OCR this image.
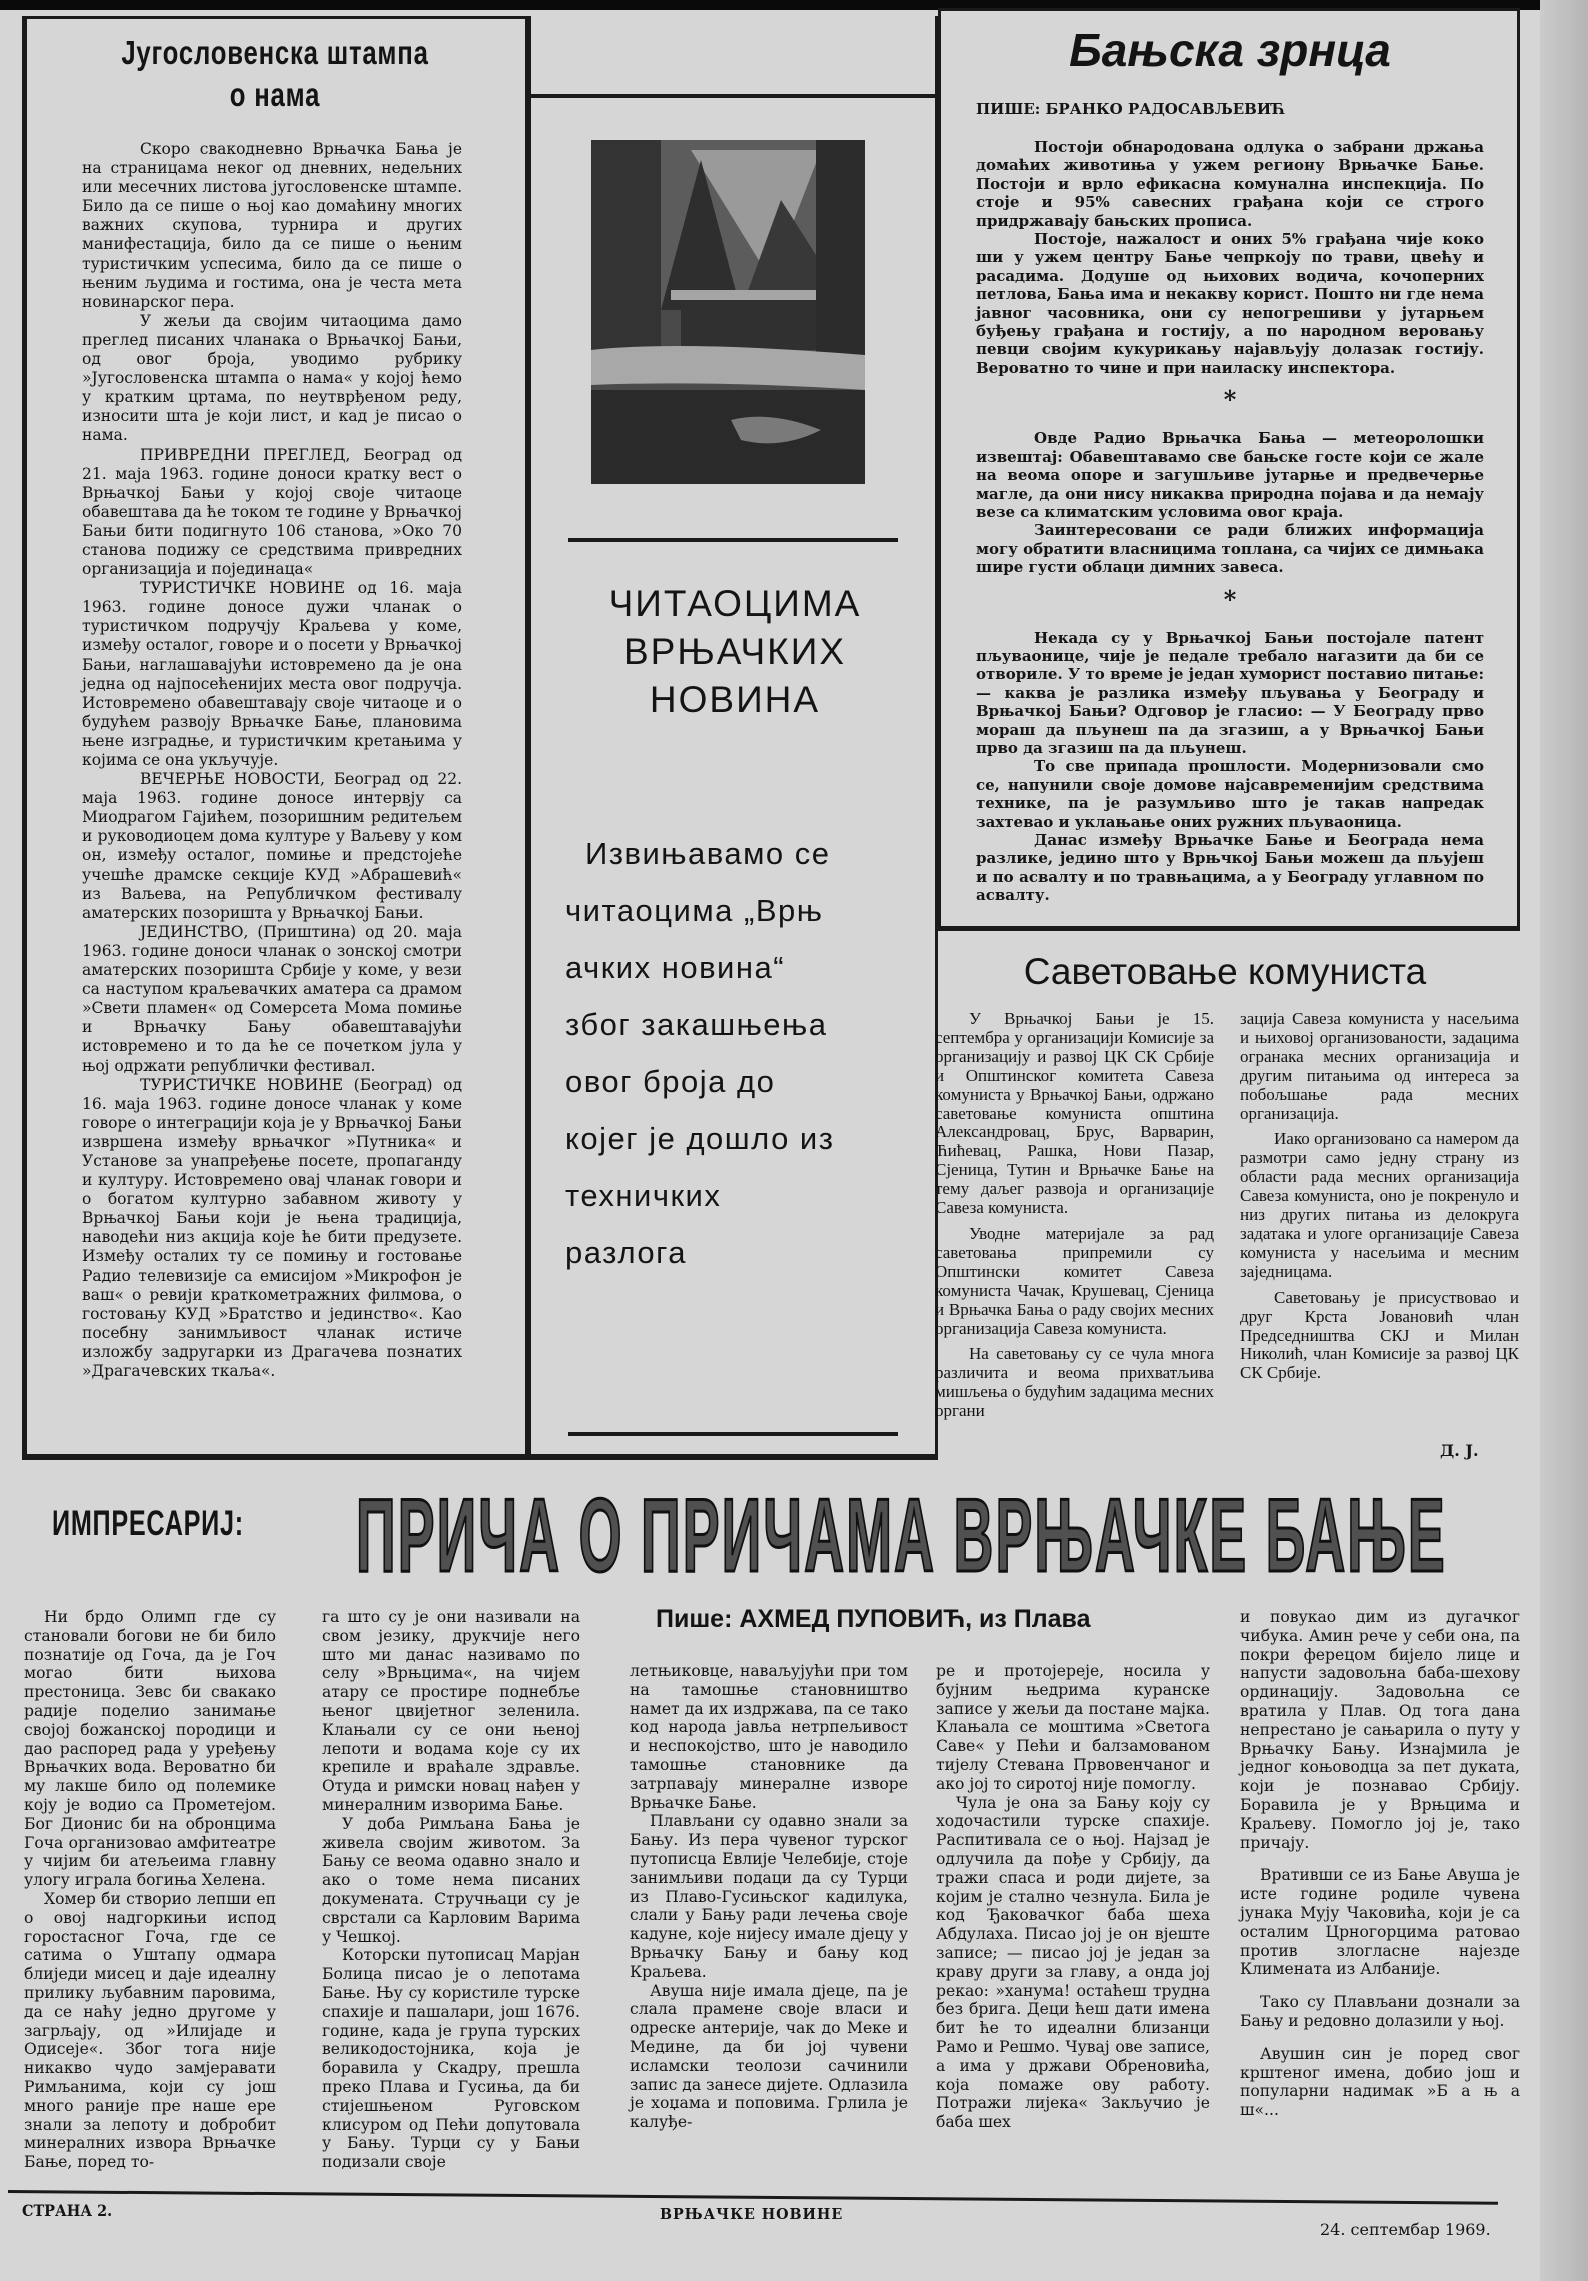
Југословенска штампа
о нама

Скоро свакодневно Врњачка Бања је на страницама неког од дневних, недељних или месечних листова југословенске штампе. Било да се пише о њој као домаћину многих важних скупова, турнира и других манифестација, било да се пише о њеним туристичким успесима, било да се пише о њеним људима и гостима, она је честа мета новинарског пера.

У жељи да својим читаоцима дамо преглед писаних чланака о Врњачкој Бањи, од овог броја, уводимо рубрику »Југословенска штампа о нама« у којој ћемо у кратким цртама, по неутврђеном реду, износити шта је који лист, и кад је писао о нама.

ПРИВРЕДНИ ПРЕГЛЕД, Београд од 21. маја 1963. године доноси кратку вест о Врњачкој Бањи у којој своје читаоце обавештава да ће током те године у Врњачкој Бањи бити подигнуто 106 станова, »Око 70 станова подижу се средствима привредних организација и појединаца«

ТУРИСТИЧКЕ НОВИНЕ од 16. маја 1963. године доносе дужи чланак о туристичком подручју Краљева у коме, између осталог, говоре и о посети у Врњачкој Бањи, наглашавајући истовремено да је она једна од најпосећенијих места овог подручја. Истовремено обавештавају своје читаоце и о будућем развоју Врњачке Бање, плановима њене изградње, и туристичким кретањима у којима се она укључује.

ВЕЧЕРЊЕ НОВОСТИ, Београд од 22. маја 1963. године доносе интервју са Миодрагом Гајићем, позоришним редитељем и руководиоцем дома културе у Ваљеву у ком он, између осталог, помиње и предстојеће учешће драмске секције КУД »Абрашевић« из Ваљева, на Републичком фестивалу аматерских позоришта у Врњачкој Бањи.

ЈЕДИНСТВО, (Приштина) од 20. маја 1963. године доноси чланак о зонској смотри аматерских позоришта Србије у коме, у вези са наступом краљевачких аматера са драмом »Свети пламен« од Сомерсета Мома помиње и Врњачку Бању обавештавајући истовремено и то да ће се почетком јула у њој одржати републички фестивал.

ТУРИСТИЧКЕ НОВИНЕ (Београд) од 16. маја 1963. године доносе чланак у коме говоре о интеграцији која је у Врњачкој Бањи извршена између врњачког »Путника« и Установе за унапређење посете, пропаганду и културу. Истовремено овај чланак говори и о богатом културно забавном животу у Врњачкој Бањи који је њена традиција, наводећи низ акција које ће бити предузете. Између осталих ту се помињу и гостовање Радио телевизије са емисијом »Микрофон је ваш« о ревији краткометражних филмова, о гостовању КУД »Братство и јединство«. Као посебну занимљивост чланак истиче изложбу задругарки из Драгачева познатих »Драгачевских ткаља«.

ЧИТАОЦИМА
ВРЊАЧКИХ
НОВИНА
Извињавамо се
читаоцима „Врњ
ачких новина“
због закашњења
овог броја до
којег је дошло из
техничких
разлога
Бањска зрнца
ПИШЕ: БРАНКО РАДОСАВЉЕВИЋ

Постоји обнародована одлука о забрани држања домаћих животиња у ужем региону Врњачке Бање. Постоји и врло ефикасна комунална инспекција. По стоје и 95% савесних грађана који се строго придржавају бањских прописа.

Постоје, нажалост и оних 5% грађана чије коко ши у ужем центру Бање чепркоју по трави, цвећу и расадима. Додуше од њихових водича, кочоперних петлова, Бања има и некакву корист. Пошто ни где нема јавног часовника, они су непогрешиви у јутарњем буђењу грађана и гостију, а по народном веровању певци својим кукурикању најављују долазак гостију. Вероватно то чине и при наиласку инспектора.

*

Овде Радио Врњачка Бања — метеоролошки извештај: Обавештавамо све бањске госте који се жале на веома опоре и загушљиве јутарње и предвечерње магле, да они нису никаква природна појава и да немају везе са климатским условима овог краја.

Заинтересовани се ради ближих информација могу обратити власницима топлана, са чијих се димњака шире густи облаци димних завеса.

*

Некада су у Врњачкој Бањи постојале патент пљуваонице, чије је педале требало нагазити да би се отвориле. У то време је један хуморист поставио питање: — каква је разлика између пљувања у Београду и Врњачкој Бањи? Одговор је гласио: — У Београду прво мораш да пљунеш па да згазиш, а у Врњачкој Бањи прво да згазиш па да пљунеш.

То све припада прошлости. Модернизовали смо се, напунили своје домове најсавременијим средствима технике, па је разумљиво што је такав напредак захтевао и уклањање оних ружних пљуваоница.

Данас између Врњачке Бање и Београда нема разлике, једино што у Врњчкој Бањи можеш да пљујеш и по асвалту и по травњацима, а у Београду углавном по асвалту.

Саветовање комуниста

У Врњачкој Бањи је 15. септембра у организацији Комисије за организацију и развој ЦК СК Србије и Општинског комитета Савеза комуниста у Врњачкој Бањи, одржано саветовање комуниста општина Александровац, Брус, Варварин, Ћићевац, Рашка, Нови Пазар, Сјеница, Тутин и Врњачке Бање на тему даљег развоја и организације Савеза комуниста.

Уводне материјале за рад саветовања припремили су Општински комитет Савеза комуниста Чачак, Крушевац, Сјеница и Врњачка Бања о раду својих месних организација Савеза комуниста.

На саветовању су се чула многа различита и веома прихватљива мишљења о будућим задацима месних органи

зација Савеза комуниста у насељима и њиховој организованости, задацима огранака месних организација и другим питањима од интереса за побољшање рада месних организација.

Иако организовано са намером да размотри само једну страну из области рада месних организација Савеза комуниста, оно је покренуло и низ других питања из делокруга задатака и улоге организације Савеза комуниста у насељима и месним заједницама.

Саветовању је присуствовао и друг Крста Јовановић члан Председништва СКЈ и Милан Николић, члан Комисије за развој ЦК СК Србије.

Д. Ј.
ИМПРЕСАРИЈ: ПРИЧА О ПРИЧАМА ВРЊАЧКЕ БАЊЕ
Пише: АХМЕД ПУПОВИЋ, из Плава

Ни брдо Олимп где су становали богови не би било познатије од Гоча, да је Гоч могао бити њихова престоница. Зевс би свакако радије поделио занимање својој божанској породици и дао распоред рада у уређењу Врњачких вода. Вероватно би му лакше било од полемике коју је водио са Прометејом. Бог Дионис би на обронцима Гоча организовао амфитеатре у чијим би атељеима главну улогу играла богиња Хелена.

Хомер би створио лепши еп о овој надгоркињи испод горостасног Гоча, где се сатима о Уштапу одмара блиједи мисец и даје идеалну прилику љубавним паровима, да се наћу једно другоме у загрљају, од »Илијаде и Одисеје«. Због тога није никакво чудо замјеравати Римљанима, који су још много раније пре наше ере знали за лепоту и добробит минералних извора Врњачке Бање, поред то-

га што су је они називали на свом језику, друкчије него што ми данас називамо по селу »Врњцима«, на чијем атару се простире поднебље њеног цвијетног зеленила. Клањали су се они њеној лепоти и водама које су их крепиле и враћале здравље. Отуда и римски новац нађен у минералним изворима Бање.

У доба Римљана Бања је живела својим животом. За Бању се веома одавно знало и ако о томе нема писаних докумената. Стручњаци су је сврстали са Карловим Варима у Чешкој.

Которски путописац Марјан Болица писао је о лепотама Бање. Њу су користиле турске спахије и пашалари, још 1676. године, када је група турских великодостојника, која је боравила у Скадру, прешла преко Плава и Гусиња, да би стијешњеном Руговском клисуром од Пећи допутовала у Бању. Турци су у Бањи подизали своје

летњиковце, наваљујући при том на тамошње становништво намет да их издржава, па се тако код народа јавља нетрпељивост и неспокојство, што је наводило тамошње становнике да затрпавају минералне изворе Врњачке Бање.

Плављани су одавно знали за Бању. Из пера чувеног турског путописца Евлије Челебије, стоје занимљиви подаци да су Турци из Плаво-Гусињског кадилука, слали у Бању ради лечења своје кадуне, које нијесу имале дјецу у Врњачку Бању и бању код Краљева.

Авуша није имала дјеце, па је слала прамене своје власи и одреске антерије, чак до Меке и Медине, да би јој чувени исламски теолози сачинили запис да занесе дијете. Одлазила је хоџама и поповима. Грлила је калуђе-

ре и протојереје, носила у бујним њедрима куранске записе у жељи да постане мајка. Клањала се моштима »Светога Саве« у Пећи и балзамованом тијелу Стевана Првовенчаног и ако јој то сиротој није помоглу.

Чула је она за Бању коју су ходочастили турске спахије. Распитивала се о њој. Најзад је одлучила да пође у Србију, да тражи спаса и роди дијете, за којим је стално чезнула. Била је код Ђаковачког баба шеха Абдулаха. Писао јој је он вјеште записе; — писао јој је један за краву други за главу, а онда јој рекао: »ханума! остаћеш трудна без брига. Деци ћеш дати имена бит ће то идеални близанци Рамо и Решмо. Чувај ове записе, а има у држави Обреновића, која помаже ову работу. Потражи лијека« Закључио је баба шех

и повукао дим из дугачког чибука. Амин рече у себи она, па покри ферецом бијело лице и напусти задовољна баба-шехову ординацију. Задовољна се вратила у Плав. Од тога дана непрестано је сањарила о путу у Врњачку Бању. Изнајмила је једног коњоводца за пет дуката, који је познавао Србију. Боравила је у Врњцима и Краљеву. Помогло јој је, тако причају.

Вративши се из Бање Авуша је исте године родиле чувена јунака Мују Чаковића, који је са осталим Црногорцима ратовао против злогласне најезде Климената из Албаније.

Тако су Плављани дознали за Бању и редовно долазили у њој.

Авушин син је поред свог крштеног имена, добио још и популарни надимак »Б а њ а ш«...

СТРАНА 2.	ВРЊАЧКЕ НОВИНЕ
24. септембар 1969.
